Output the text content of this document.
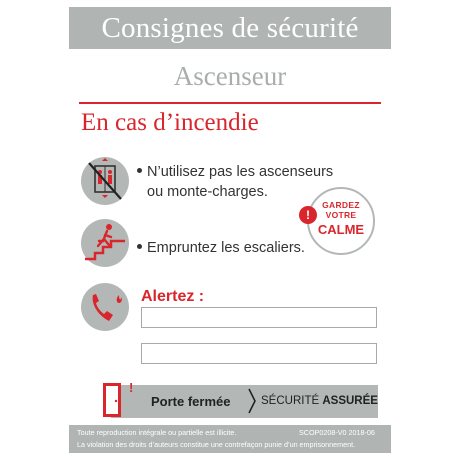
Consignes de sécurité
Ascenseur
En cas d’incendie
N’utilisez pas les ascenseurs
ou monte-charges.
GARDEZ
VOTRE
CALME
!
Empruntez les escaliers.
Alertez :
!
Porte fermée	SÉCURITÉ ASSURÉE
Toute reproduction intégrale ou partielle est illicite.	SCOP0208-V0 2018-06
La violation des droits d’auteurs constitue une contrefaçon punie d’un emprisonnement.
